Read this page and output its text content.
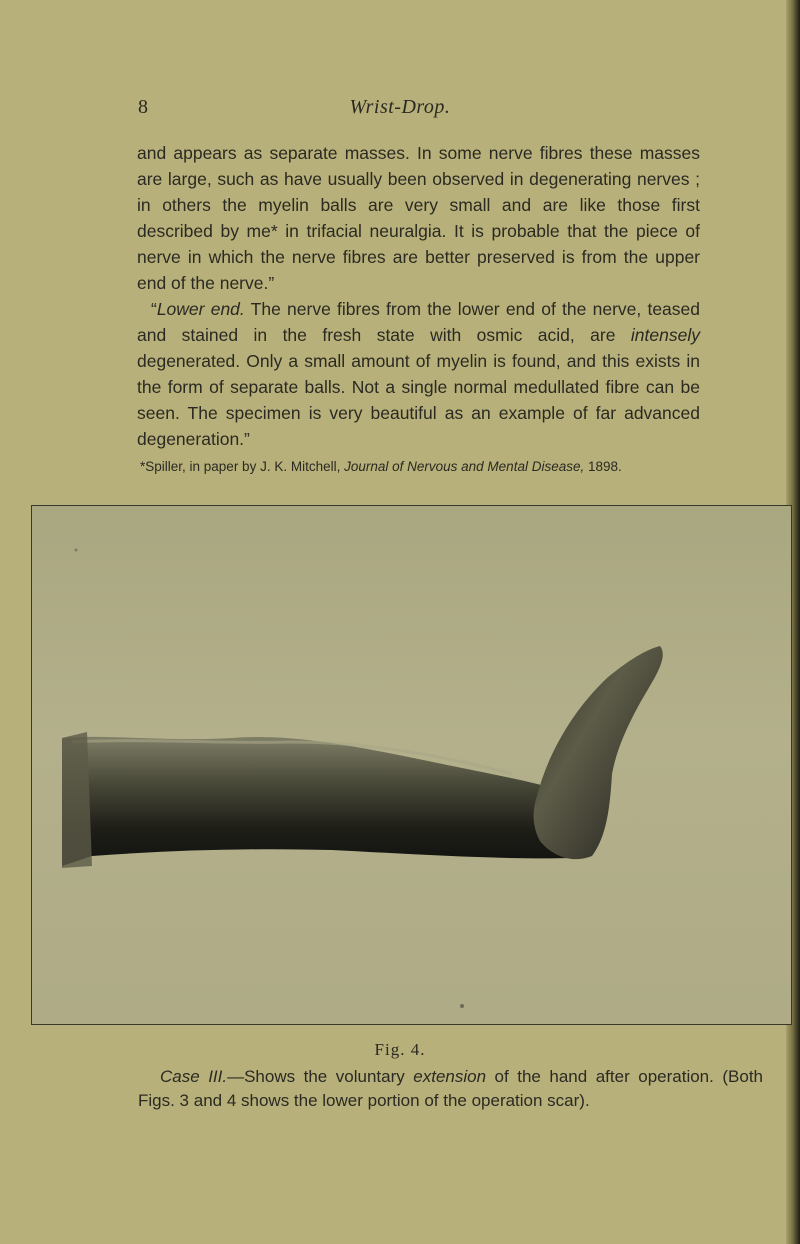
8	Wrist-Drop.

and appears as separate masses. In some nerve fibres these masses are large, such as have usually been observed in degenerating nerves ; in others the myelin balls are very small and are like those first described by me* in trifacial neuralgia. It is probable that the piece of nerve in which the nerve fibres are better preserved is from the upper end of the nerve.”

“Lower end. The nerve fibres from the lower end of the nerve, teased and stained in the fresh state with osmic acid, are intensely degenerated. Only a small amount of myelin is found, and this exists in the form of separate balls. Not a single normal medullated fibre can be seen. The specimen is very beautiful as an example of far advanced degeneration.”

*Spiller, in paper by J. K. Mitchell, Journal of Nervous and Mental Disease, 1898.
Fig. 4.
Case III.—Shows the voluntary extension of the hand after operation. (Both Figs. 3 and 4 shows the lower portion of the operation scar).
